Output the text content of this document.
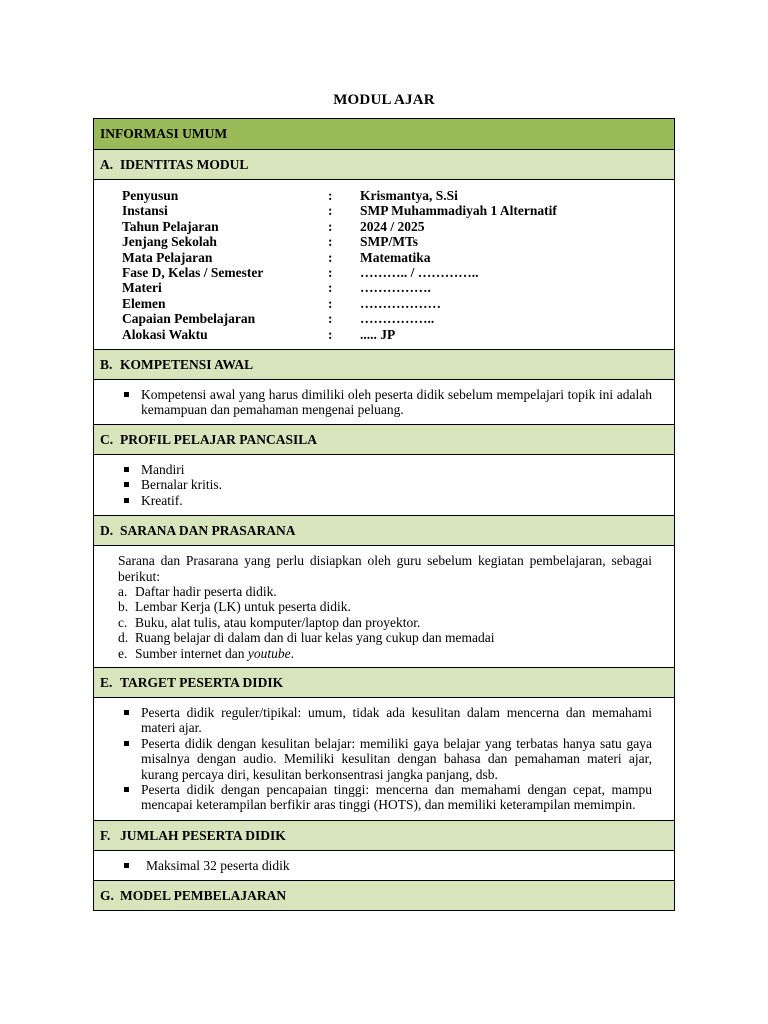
MODUL AJAR
INFORMASI UMUM
A. IDENTITAS MODUL
Penyusun	:	Krismantya, S.Si
Instansi	:	SMP Muhammadiyah 1 Alternatif
Tahun Pelajaran	:	2024 / 2025
Jenjang Sekolah	:	SMP/MTs
Mata Pelajaran	:	Matematika
Fase D, Kelas / Semester	:	……….. / …………..
Materi	:	…………….
Elemen	:	………………
Capaian Pembelajaran	:	……………..
Alokasi Waktu	:	..... JP
B. KOMPETENSI AWAL
Kompetensi awal yang harus dimiliki oleh peserta didik sebelum mempelajari topik ini adalah kemampuan dan pemahaman mengenai peluang.
C. PROFIL PELAJAR PANCASILA
Mandiri
Bernalar kritis.
Kreatif.
D. SARANA DAN PRASARANA
Sarana dan Prasarana yang perlu disiapkan oleh guru sebelum kegiatan pembelajaran, sebagai berikut:
a. Daftar hadir peserta didik.
b. Lembar Kerja (LK) untuk peserta didik.
c. Buku, alat tulis, atau komputer/laptop dan proyektor.
d. Ruang belajar di dalam dan di luar kelas yang cukup dan memadai
e. Sumber internet dan youtube.
E. TARGET PESERTA DIDIK
Peserta didik reguler/tipikal: umum, tidak ada kesulitan dalam mencerna dan memahami materi ajar.
Peserta didik dengan kesulitan belajar: memiliki gaya belajar yang terbatas hanya satu gaya misalnya dengan audio. Memiliki kesulitan dengan bahasa dan pemahaman materi ajar, kurang percaya diri, kesulitan berkonsentrasi jangka panjang, dsb.
Peserta didik dengan pencapaian tinggi: mencerna dan memahami dengan cepat, mampu mencapai keterampilan berfikir aras tinggi (HOTS), dan memiliki keterampilan memimpin.
F. JUMLAH PESERTA DIDIK
Maksimal 32 peserta didik
G. MODEL PEMBELAJARAN
